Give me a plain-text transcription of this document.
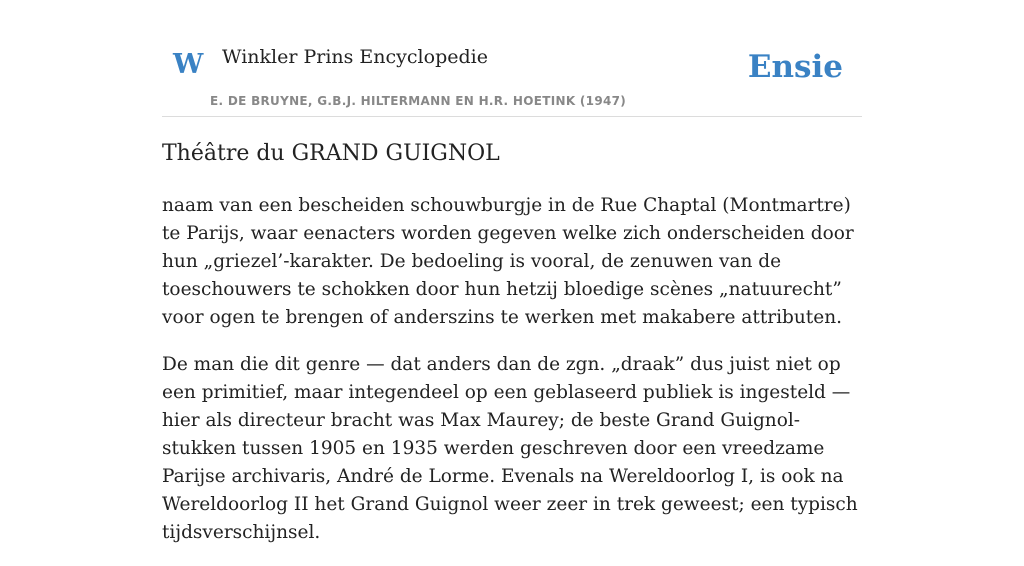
W Winkler Prins Encyclopedie	Ensie
E. DE BRUYNE, G.B.J. HILTERMANN EN H.R. HOETINK (1947)
Théâtre du GRAND GUIGNOL

naam van een bescheiden schouwburgje in de Rue Chaptal (Montmartre) te Parijs, waar eenacters worden gegeven welke zich onderscheiden door hun „griezel’-karakter. De bedoeling is vooral, de zenuwen van de toeschouwers te schokken door hun hetzij bloedige scènes „natuurecht” voor ogen te brengen of anderszins te werken met makabere attributen.

De man die dit genre — dat anders dan de zgn. „draak” dus juist niet op een primitief, maar integendeel op een geblaseerd publiek is ingesteld — hier als directeur bracht was Max Maurey; de beste Grand Guignol-stukken tussen 1905 en 1935 werden geschreven door een vreedzame Parijse archivaris, André de Lorme. Evenals na Wereldoorlog I, is ook na Wereldoorlog II het Grand Guignol weer zeer in trek geweest; een typisch tijdsverschijnsel.
